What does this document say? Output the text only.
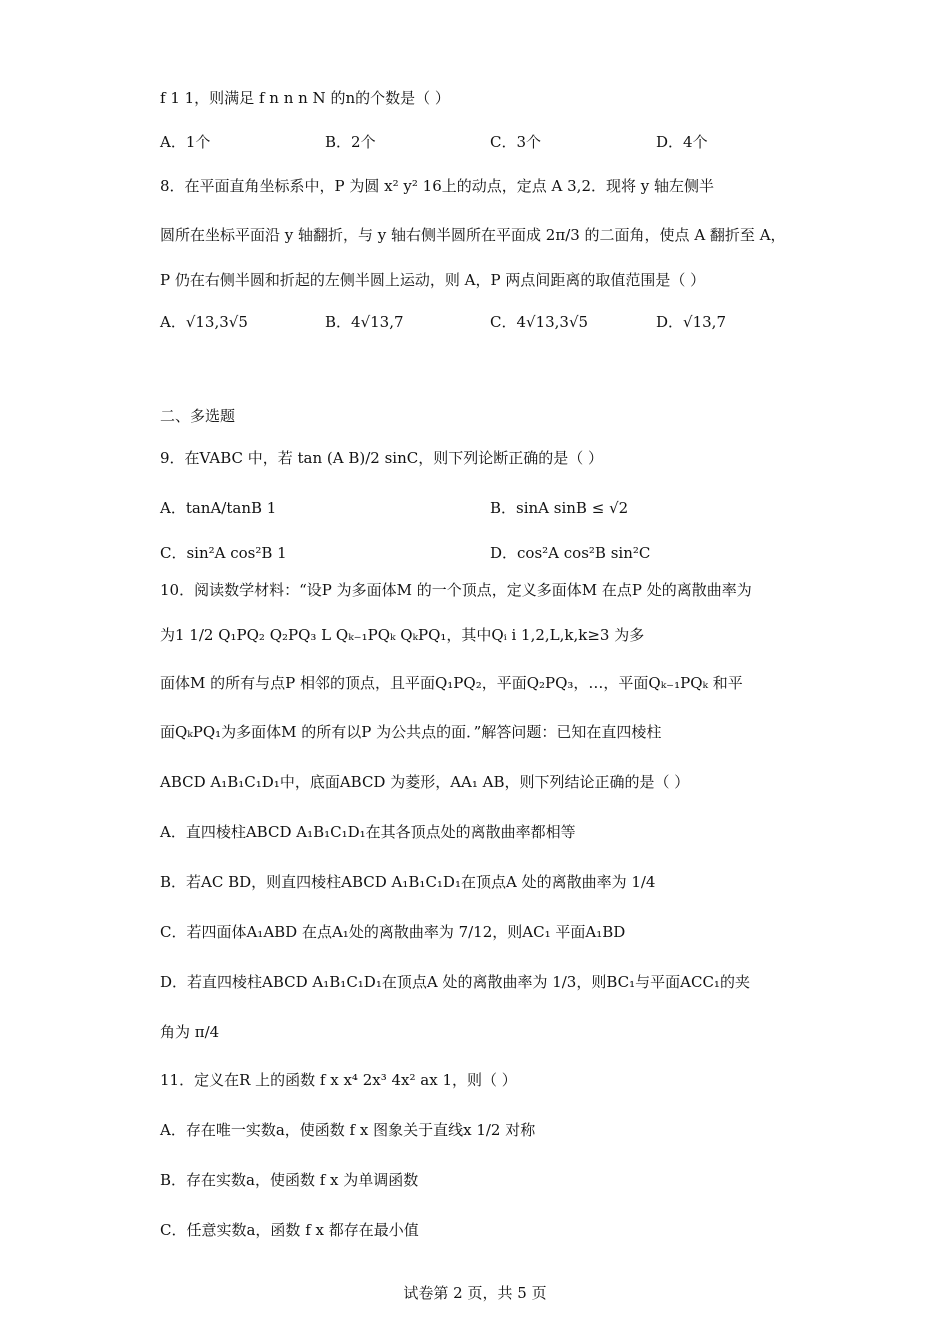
f 1 1，则满足 f n n n N 的n的个数是（ ）
A．1个	B．2个	C．3个	D．4个
8．在平面直角坐标系中，P 为圆 x² y² 16上的动点，定点 A 3,2．现将 y 轴左侧半
圆所在坐标平面沿 y 轴翻折，与 y 轴右侧半圆所在平面成 2π/3 的二面角，使点 A 翻折至 A，
P 仍在右侧半圆和折起的左侧半圆上运动，则 A，P 两点间距离的取值范围是（ ）
A．√13,3√5	B．4√13,7	C．4√13,3√5	D．√13,7
二、多选题
9．在VABC 中，若 tan (A B)/2 sinC，则下列论断正确的是（ ）
A．tanA/tanB 1	B．sinA sinB ≤ √2
C．sin²A cos²B 1	D．cos²A cos²B sin²C
10．阅读数学材料：“设P 为多面体M 的一个顶点，定义多面体M 在点P 处的离散曲率为
为1 1/2 Q₁PQ₂ Q₂PQ₃ L Qₖ₋₁PQₖ QₖPQ₁，其中Qᵢ i 1,2,L,k,k≥3 为多
面体M 的所有与点P 相邻的顶点，且平面Q₁PQ₂，平面Q₂PQ₃，…，平面Qₖ₋₁PQₖ 和平
面QₖPQ₁为多面体M 的所有以P 为公共点的面．”解答问题：已知在直四棱柱
ABCD A₁B₁C₁D₁中，底面ABCD 为菱形，AA₁ AB，则下列结论正确的是（ ）
A．直四棱柱ABCD A₁B₁C₁D₁在其各顶点处的离散曲率都相等
B．若AC BD，则直四棱柱ABCD A₁B₁C₁D₁在顶点A 处的离散曲率为 1/4
C．若四面体A₁ABD 在点A₁处的离散曲率为 7/12，则AC₁ 平面A₁BD
D．若直四棱柱ABCD A₁B₁C₁D₁在顶点A 处的离散曲率为 1/3，则BC₁与平面ACC₁的夹
角为 π/4
11．定义在R 上的函数 f x x⁴ 2x³ 4x² ax 1，则（ ）
A．存在唯一实数a，使函数 f x 图象关于直线x 1/2 对称
B．存在实数a，使函数 f x 为单调函数
C．任意实数a，函数 f x 都存在最小值
试卷第 2 页，共 5 页
